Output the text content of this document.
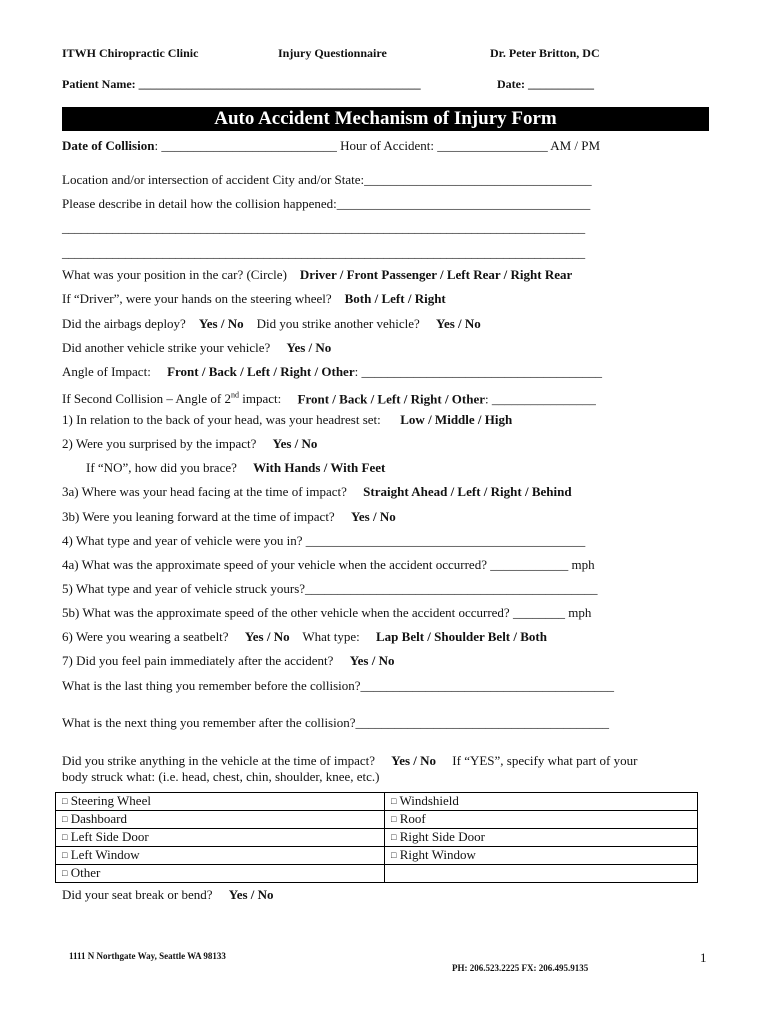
ITWH Chiropractic Clinic	Injury Questionnaire	Dr. Peter Britton, DC
Patient Name: _______________________________________________	Date: ___________
Auto Accident Mechanism of Injury Form
Date of Collision: ___________________________ Hour of Accident: _________________ AM / PM
Location and/or intersection of accident City and/or State:___________________________________
Please describe in detail how the collision happened:_______________________________________
___________________________________________________________________________________
___________________________________________________________________________________
What was your position in the car? (Circle) Driver / Front Passenger / Left Rear / Right Rear
If “Driver”, were your hands on the steering wheel? Both / Left / Right
Did the airbags deploy? Yes / No Did you strike another vehicle? Yes / No
Did another vehicle strike your vehicle? Yes / No
Angle of Impact: Front / Back / Left / Right / Other: _____________________________________
If Second Collision – Angle of 2nd impact: Front / Back / Left / Right / Other: ________________
1) In relation to the back of your head, was your headrest set: Low / Middle / High
2) Were you surprised by the impact? Yes / No
If “NO”, how did you brace? With Hands / With Feet
3a) Where was your head facing at the time of impact? Straight Ahead / Left / Right / Behind
3b) Were you leaning forward at the time of impact? Yes / No
4) What type and year of vehicle were you in? ___________________________________________
4a) What was the approximate speed of your vehicle when the accident occurred? ____________ mph
5) What type and year of vehicle struck yours?_____________________________________________
5b) What was the approximate speed of the other vehicle when the accident occurred? ________ mph
6) Were you wearing a seatbelt? Yes / No What type: Lap Belt / Shoulder Belt / Both
7) Did you feel pain immediately after the accident? Yes / No
What is the last thing you remember before the collision?_______________________________________
What is the next thing you remember after the collision?_______________________________________
Did you strike anything in the vehicle at the time of impact? Yes / No If “YES”, specify what part of your
body struck what: (i.e. head, chest, chin, shoulder, knee, etc.)
□ Steering Wheel	□ Windshield
□ Dashboard	□ Roof
□ Left Side Door	□ Right Side Door
□ Left Window	□ Right Window
□ Other	
Did your seat break or bend? Yes / No
1111 N Northgate Way, Seattle WA 98133
PH: 206.523.2225 FX: 206.495.9135
1
